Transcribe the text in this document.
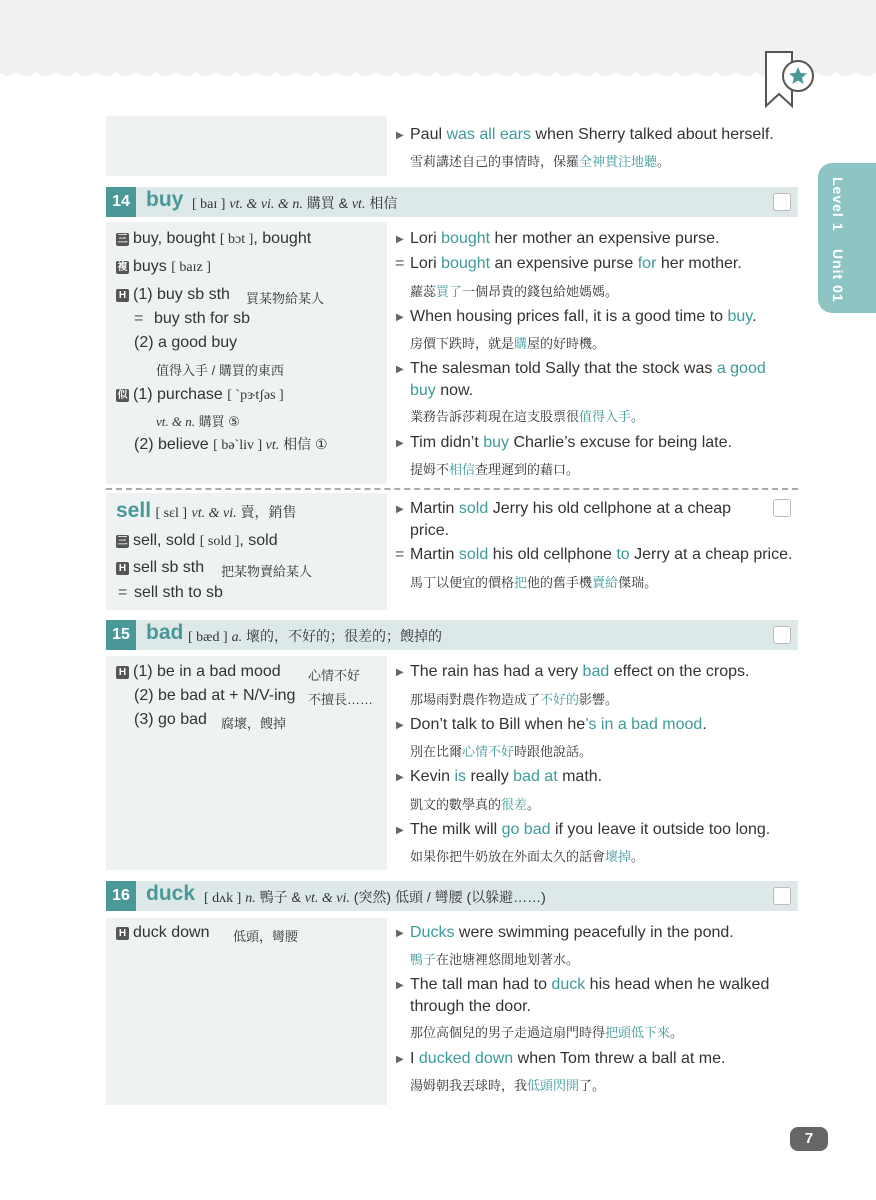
Level 1
Unit 01
▶ Paul was all ears when Sherry talked about herself.
雪莉講述自己的事情時，保羅全神貫注地聽。
14 buy [ baɪ ] vt. & vi. & n. 購買 & vt. 相信
三 buy, bought [ bɔt ], bought
複 buys [ baɪz ]
H (1) buy sb sth 買某物給某人
= buy sth for sb
(2) a good buy
值得入手 / 購買的東西
似 (1) purchase [ ˋpɝtʃəs ]
vt. & n. 購買 ⑤
(2) believe [ bəˋliv ] vt. 相信 ①
▶ Lori bought her mother an expensive purse.
= Lori bought an expensive purse for her mother.
蘿蕊買了一個昂貴的錢包給她媽媽。
▶ When housing prices fall, it is a good time to buy.
房價下跌時，就是購屋的好時機。
▶ The salesman told Sally that the stock was a good
buy now.
業務告訴莎莉現在這支股票很值得入手。
▶ Tim didn’t buy Charlie’s excuse for being late.
提姆不相信查理遲到的藉口。
sell [ sɛl ] vt. & vi. 賣，銷售
三 sell, sold [ sold ], sold
H sell sb sth 把某物賣給某人
= sell sth to sb
▶ Martin sold Jerry his old cellphone at a cheap
price.
= Martin sold his old cellphone to Jerry at a cheap price.
馬丁以便宜的價格把他的舊手機賣給傑瑞。
15 bad [ bæd ] a. 壞的，不好的；很差的；餿掉的
H (1) be in a bad mood 心情不好
(2) be bad at + N/V-ing 不擅長……
(3) go bad 腐壞，餿掉
▶ The rain has had a very bad effect on the crops.
那場雨對農作物造成了不好的影響。
▶ Don’t talk to Bill when he’s in a bad mood.
別在比爾心情不好時跟他說話。
▶ Kevin is really bad at math.
凱文的數學真的很差。
▶ The milk will go bad if you leave it outside too long.
如果你把牛奶放在外面太久的話會壞掉。
16 duck [ dʌk ] n. 鴨子 & vt. & vi. (突然) 低頭 / 彎腰 (以躲避……)
H duck down 低頭，彎腰	▶ Ducks were swimming peacefully in the pond.
鴨子在池塘裡悠閒地划著水。
▶ The tall man had to duck his head when he walked
through the door.
那位高個兒的男子走過這扇門時得把頭低下來。
▶ I ducked down when Tom threw a ball at me.
湯姆朝我丟球時，我低頭閃開了。
7
